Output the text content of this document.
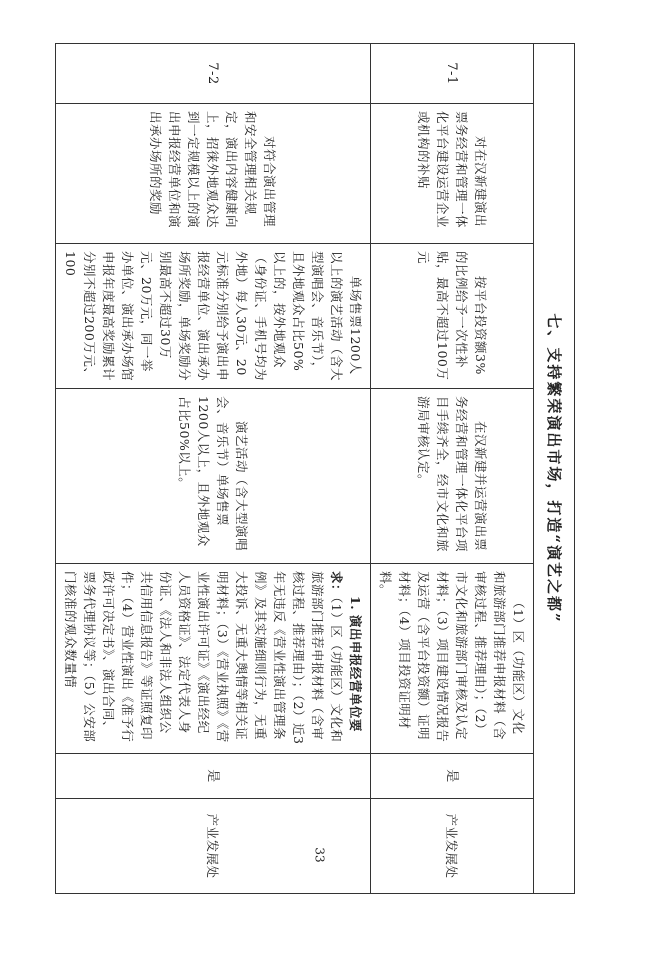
七、支持繁荣演出市场，打造“演艺之都”						
7-1	对在汉新建演出票务经营和管理一体化平台建设运营企业或机构的补贴	按平台投资额3%的比例给予一次性补贴，最高不超过100万元	在汉新建并运营演出票务经营和管理一体化平台项目手续齐全，经市文化和旅游局审核认定。	（1）区（功能区）文化和旅游部门推荐申报材料（含审核过程、推荐理由）；（2）市文化和旅游部门审核及认定材料；（3）项目建设情况报告及运营（含平台投资额）证明材料；（4）项目投资证明材料。	是	产业发展处
7-2	对符合演出管理和安全管理相关规定，演出内容健康向上，招徕外地观众达到一定规模以上的演出申报经营单位和演出承办场所的奖励	单场售票1200人以上的演艺活动（含大型演唱会、音乐节），且外地观众占比50%以上的，按外地观众（身份证、手机号均为外地）每人30元、20元标准分别给予演出申报经营单位、演出承办场所奖励，单场奖励分别最高不超过30万元、20万元，同一举办单位、演出承办场馆申报年度最高奖励累计分别不超过200万元、100	演艺活动（含大型演唱会、音乐节）单场售票1200人以上，且外地观众占比50%以上。	1. 演出申报经营单位要求：（1）区（功能区）文化和旅游部门推荐申报材料（含审核过程、推荐理由）；（2）近3年无违反《营业性演出管理条例》及其实施细则行为，无重大投诉、无重大舆情等相关证明材料；（3）《营业执照》《营业性演出许可证》《演出经纪人员资格证》、法定代表人身份证、《法人和非法人组织公共信用信息报告》等证照复印件；（4）营业性演出《准予行政许可决定书》、演出合同、票务代理协议等；（5）公安部门核准的观众数量情	是	产业发展处	33
